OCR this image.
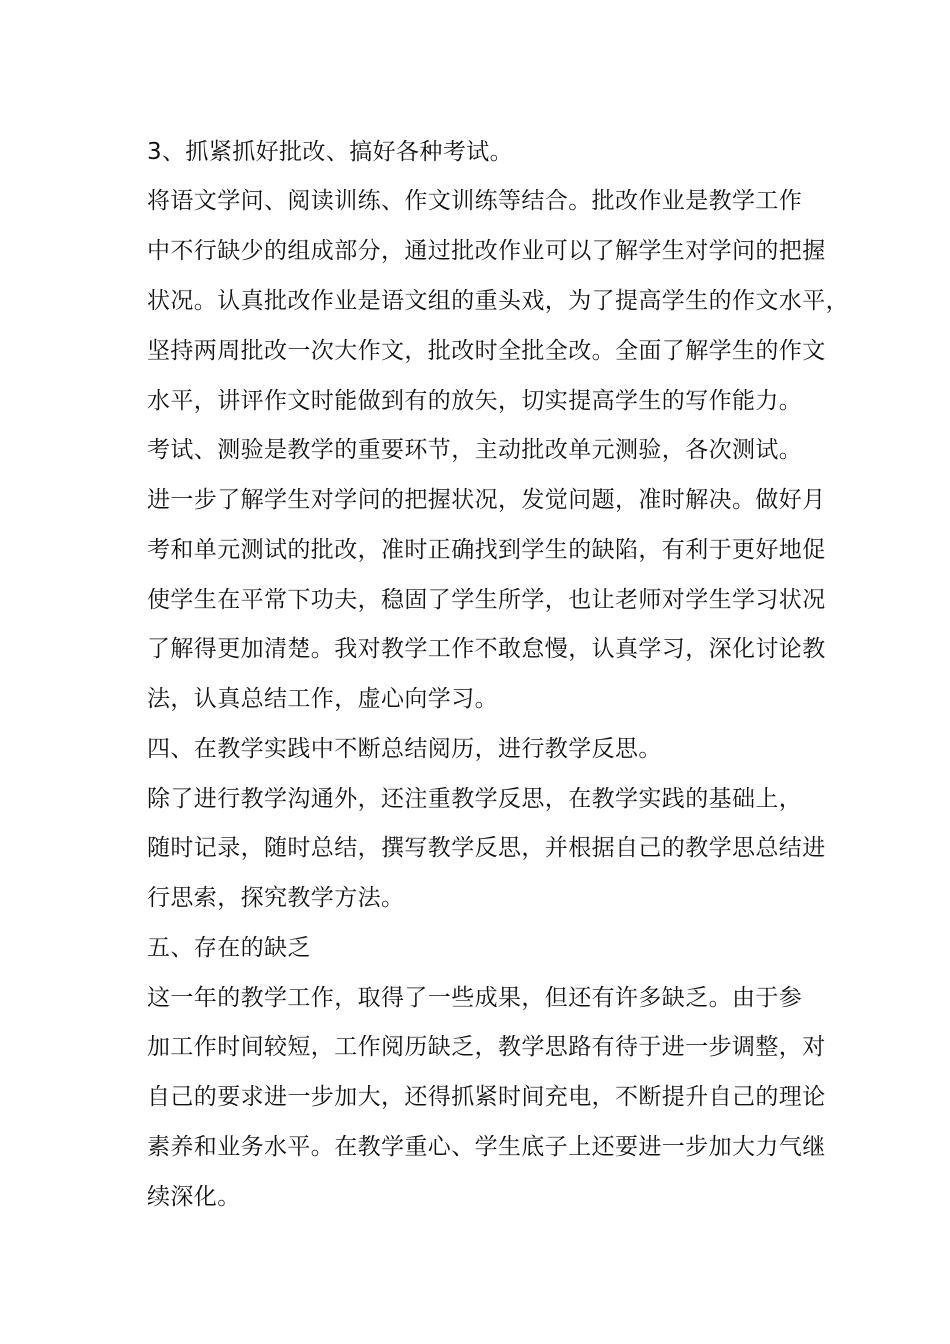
3、抓紧抓好批改、搞好各种考试。
将语文学问、阅读训练、作文训练等结合。批改作业是教学工作
中不行缺少的组成部分，通过批改作业可以了解学生对学问的把握
状况。认真批改作业是语文组的重头戏，为了提高学生的作文水平，
坚持两周批改一次大作文，批改时全批全改。全面了解学生的作文
水平，讲评作文时能做到有的放矢，切实提高学生的写作能力。
考试、测验是教学的重要环节，主动批改单元测验，各次测试。
进一步了解学生对学问的把握状况，发觉问题，准时解决。做好月
考和单元测试的批改，准时正确找到学生的缺陷，有利于更好地促
使学生在平常下功夫，稳固了学生所学，也让老师对学生学习状况
了解得更加清楚。我对教学工作不敢怠慢，认真学习，深化讨论教
法，认真总结工作，虚心向学习。
四、在教学实践中不断总结阅历，进行教学反思。
除了进行教学沟通外，还注重教学反思，在教学实践的基础上，
随时记录，随时总结，撰写教学反思，并根据自己的教学思总结进
行思索，探究教学方法。
五、存在的缺乏
这一年的教学工作，取得了一些成果，但还有许多缺乏。由于参
加工作时间较短，工作阅历缺乏，教学思路有待于进一步调整，对
自己的要求进一步加大，还得抓紧时间充电，不断提升自己的理论
素养和业务水平。在教学重心、学生底子上还要进一步加大力气继
续深化。
